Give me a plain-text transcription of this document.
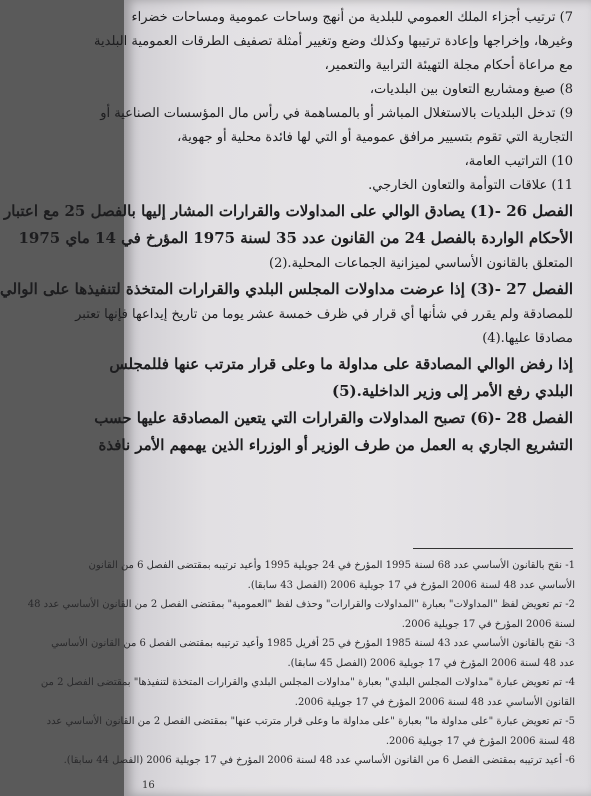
7) ترتيب أجزاء الملك العمومي للبلدية من أنهج وساحات عمومية ومساحات خضراء

وغيرها، وإخراجها وإعادة ترتيبها وكذلك وضع وتغيير أمثلة تصفيف الطرقات العمومية البلدية

مع مراعاة أحكام مجلة التهيئة الترابية والتعمير،

8) صيغ ومشاريع التعاون بين البلديات،

9) تدخل البلديات بالاستغلال المباشر أو بالمساهمة في رأس مال المؤسسات الصناعية أو

التجارية التي تقوم بتسيير مرافق عمومية أو التي لها فائدة محلية أو جهوية،

10) التراتيب العامة،

11) علاقات التوأمة والتعاون الخارجي.

الفصل 26 -(1) يصادق الوالي على المداولات والقرارات المشار إليها بالفصل 25 مع اعتبار

الأحكام الواردة بالفصل 24 من القانون عدد 35 لسنة 1975 المؤرخ في 14 ماي 1975

المتعلق بالقانون الأساسي لميزانية الجماعات المحلية.(2)

الفصل 27 -(3) إذا عرضت مداولات المجلس البلدي والقرارات المتخذة لتنفيذها على الوالي

للمصادقة ولم يقرر في شأنها أي قرار في ظرف خمسة عشر يوما من تاريخ إيداعها فإنها تعتبر

مصادقا عليها.(4)

إذا رفض الوالي المصادقة على مداولة ما وعلى قرار مترتب عنها فللمجلس

البلدي رفع الأمر إلى وزير الداخلية.(5)

الفصل 28 -(6) تصبح المداولات والقرارات التي يتعين المصادقة عليها حسب

التشريع الجاري به العمل من طرف الوزير أو الوزراء الذين يهمهم الأمر نافذة

1- نقح بالقانون الأساسي عدد 68 لسنة 1995 المؤرخ في 24 جويلية 1995 وأعيد ترتيبه بمقتضى الفصل 6 من القانون

الأساسي عدد 48 لسنة 2006 المؤرخ في 17 جويلية 2006 (الفصل 43 سابقا).

2- تم تعويض لفظ "المداولات" بعبارة "المداولات والقرارات" وحذف لفظ "العمومية" بمقتضى الفصل 2 من القانون الأساسي عدد 48

لسنة 2006 المؤرخ في 17 جويلية 2006.

3- نقح بالقانون الأساسي عدد 43 لسنة 1985 المؤرخ في 25 أفريل 1985 وأعيد ترتيبه بمقتضى الفصل 6 من القانون الأساسي

عدد 48 لسنة 2006 المؤرخ في 17 جويلية 2006 (الفصل 45 سابقا).

4- تم تعويض عبارة "مداولات المجلس البلدي" بعبارة "مداولات المجلس البلدي والقرارات المتخذة لتنفيذها" بمقتضى الفصل 2 من

القانون الأساسي عدد 48 لسنة 2006 المؤرخ في 17 جويلية 2006.

5- تم تعويض عبارة "على مداولة ما" بعبارة "على مداولة ما وعلى قرار مترتب عنها" بمقتضى الفصل 2 من القانون الأساسي عدد

48 لسنة 2006 المؤرخ في 17 جويلية 2006.

6- أعيد ترتيبه بمقتضى الفصل 6 من القانون الأساسي عدد 48 لسنة 2006 المؤرخ في 17 جويلية 2006 (الفصل 44 سابقا).

16
